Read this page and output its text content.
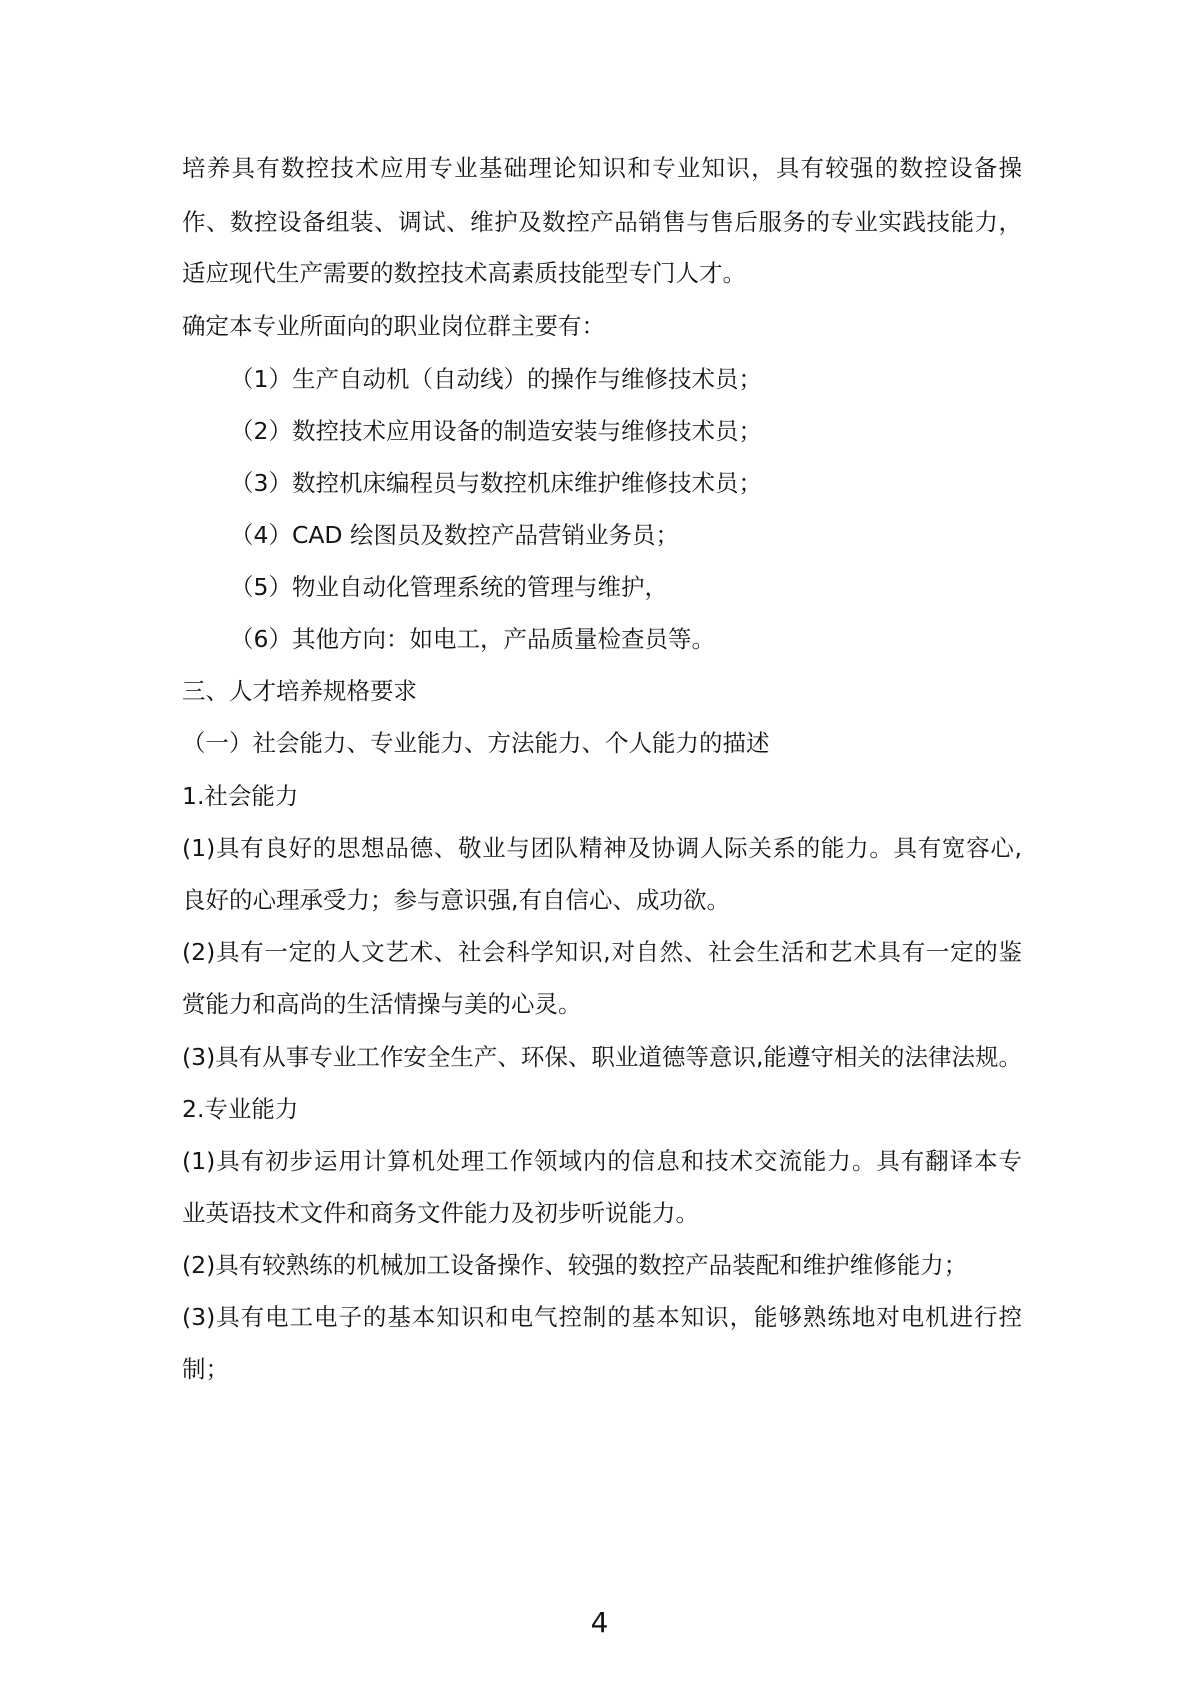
培养具有数控技术应用专业基础理论知识和专业知识，具有较强的数控设备操
作、数控设备组装、调试、维护及数控产品销售与售后服务的专业实践技能力，
适应现代生产需要的数控技术高素质技能型专门人才。
确定本专业所面向的职业岗位群主要有：
（1）生产自动机（自动线）的操作与维修技术员；
（2）数控技术应用设备的制造安装与维修技术员；
（3）数控机床编程员与数控机床维护维修技术员；
（4）CAD 绘图员及数控产品营销业务员；
（5）物业自动化管理系统的管理与维护，
（6）其他方向：如电工，产品质量检查员等。
三、人才培养规格要求
（一）社会能力、专业能力、方法能力、个人能力的描述
1.社会能力
(1)具有良好的思想品德、敬业与团队精神及协调人际关系的能力。具有宽容心,
良好的心理承受力；参与意识强,有自信心、成功欲。
(2)具有一定的人文艺术、社会科学知识,对自然、社会生活和艺术具有一定的鉴
赏能力和高尚的生活情操与美的心灵。
(3)具有从事专业工作安全生产、环保、职业道德等意识,能遵守相关的法律法规。
2.专业能力
(1)具有初步运用计算机处理工作领域内的信息和技术交流能力。具有翻译本专
业英语技术文件和商务文件能力及初步听说能力。
(2)具有较熟练的机械加工设备操作、较强的数控产品装配和维护维修能力；
(3)具有电工电子的基本知识和电气控制的基本知识，能够熟练地对电机进行控
制；
4
